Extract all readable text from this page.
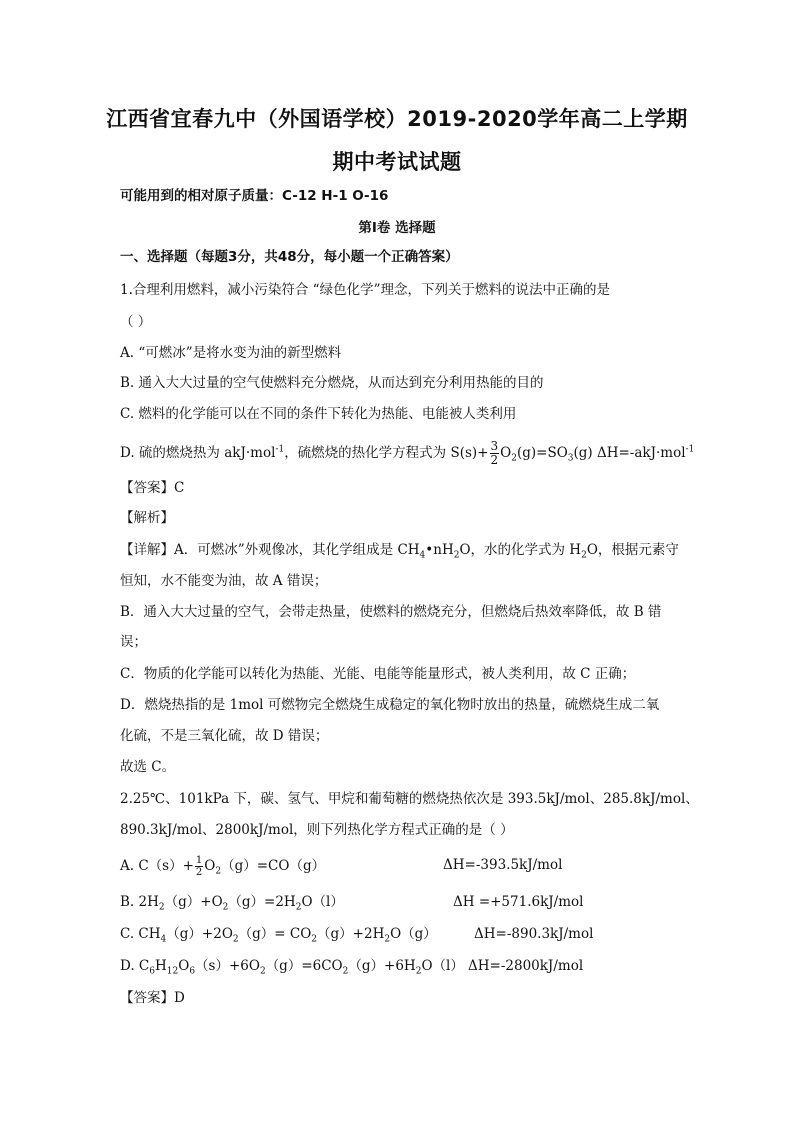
江西省宜春九中（外国语学校）2019-2020学年高二上学期
期中考试试题
可能用到的相对原子质量：C-12 H-1 O-16
第Ⅰ卷 选择题
一、选择题（每题3分，共48分，每小题一个正确答案）
1.合理利用燃料，减小污染符合 “绿色化学”理念，下列关于燃料的说法中正确的是
（ ）
A. “可燃冰”是将水变为油的新型燃料
B. 通入大大过量的空气使燃料充分燃烧，从而达到充分利用热能的目的
C. 燃料的化学能可以在不同的条件下转化为热能、电能被人类利用
D. 硫的燃烧热为 akJ·mol$^{-1}$，硫燃烧的热化学方程式为 $S(s)+ \frac{3}{2} O_2(g)=SO_3(g)$ ΔH=-akJ·mol$^{-1}$
【答案】C
【解析】
【详解】A．可燃冰”外观像冰，其化学组成是 $CH_4•nH_2O$，水的化学式为 $H_2O$，根据元素守
恒知，水不能变为油，故 A 错误；
B．通入大大过量的空气，会带走热量，使燃料的燃烧充分，但燃烧后热效率降低，故 B 错
误；
C．物质的化学能可以转化为热能、光能、电能等能量形式，被人类利用，故 C 正确；
D．燃烧热指的是 1mol 可燃物完全燃烧生成稳定的氧化物时放出的热量，硫燃烧生成二氧
化硫，不是三氧化硫，故 D 错误；
故选 C。
2.25℃、101kPa 下，碳、氢气、甲烷和葡萄糖的燃烧热依次是 393.5kJ/mol、285.8kJ/mol、
890.3kJ/mol、2800kJ/mol，则下列热化学方程式正确的是（ ）
A. $C(s)+ \frac{1}{2} O_2(g)=CO(g)$	ΔH=-393.5kJ/mol
B. $2H_2(g)+O_2(g)=2H_2O(l)$	ΔH =+571.6kJ/mol
C. $CH_4(g)+2O_2(g)= CO_2(g)+2H_2O(g)$	ΔH=-890.3kJ/mol
D. $C_6H_{12}O_6(s)+6O_2(g)=6CO_2(g)+6H_2O(l)$ ΔH=-2800kJ/mol
【答案】D
